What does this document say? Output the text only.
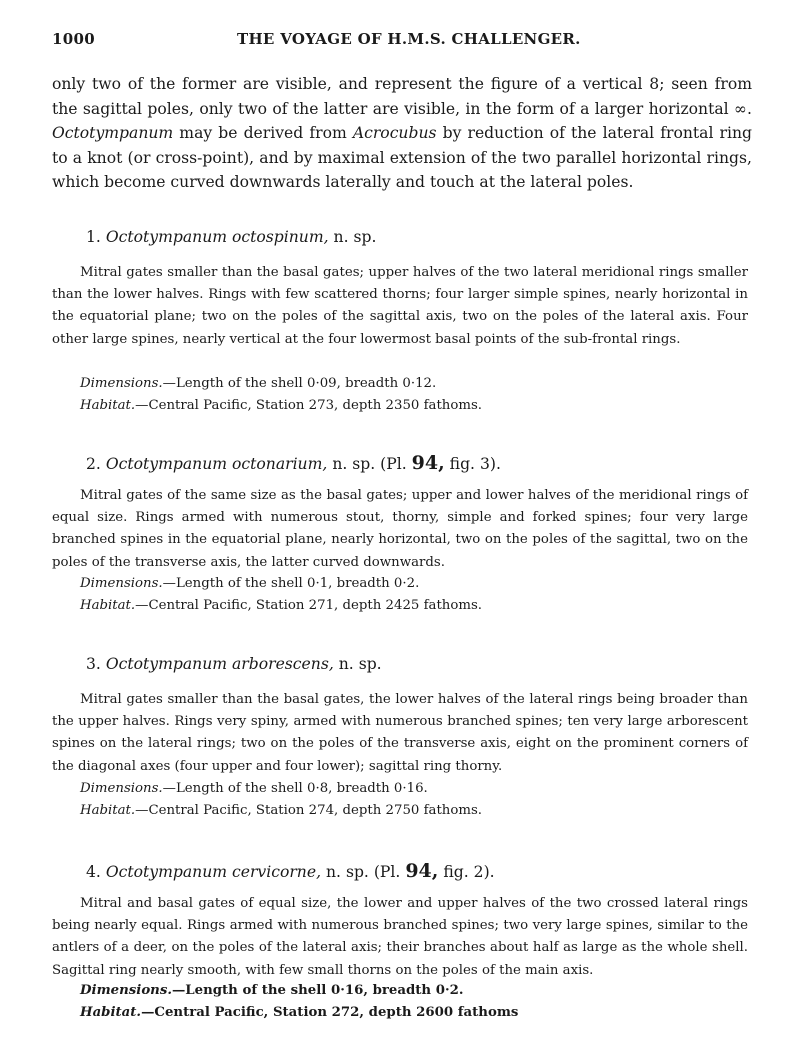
1000	THE VOYAGE OF H.M.S. CHALLENGER.
only two of the former are visible, and represent the figure of a vertical 8; seen from
the sagittal poles, only two of the latter are visible, in the form of a larger horizontal ∞.
Octotympanum may be derived from Acrocubus by reduction of the lateral frontal ring
to a knot (or cross-point), and by maximal extension of the two parallel horizontal rings,
which become curved downwards laterally and touch at the lateral poles.
1. Octotympanum octospinum, n. sp.
Mitral gates smaller than the basal gates; upper halves of the two lateral meridional rings smaller than the lower halves. Rings with few scattered thorns; four larger simple spines, nearly horizontal in the equatorial plane; two on the poles of the sagittal axis, two on the poles of the lateral axis. Four other large spines, nearly vertical at the four lowermost basal points of the sub-frontal rings.
Dimensions.—Length of the shell 0·09, breadth 0·12.
Habitat.—Central Pacific, Station 273, depth 2350 fathoms.
2. Octotympanum octonarium, n. sp. (Pl. 94, fig. 3).
Mitral gates of the same size as the basal gates; upper and lower halves of the meridional rings of equal size. Rings armed with numerous stout, thorny, simple and forked spines; four very large branched spines in the equatorial plane, nearly horizontal, two on the poles of the sagittal, two on the poles of the transverse axis, the latter curved downwards.
Dimensions.—Length of the shell 0·1, breadth 0·2.
Habitat.—Central Pacific, Station 271, depth 2425 fathoms.
3. Octotympanum arborescens, n. sp.
Mitral gates smaller than the basal gates, the lower halves of the lateral rings being broader than the upper halves. Rings very spiny, armed with numerous branched spines; ten very large arborescent spines on the lateral rings; two on the poles of the transverse axis, eight on the prominent corners of the diagonal axes (four upper and four lower); sagittal ring thorny.
Dimensions.—Length of the shell 0·8, breadth 0·16.
Habitat.—Central Pacific, Station 274, depth 2750 fathoms.
4. Octotympanum cervicorne, n. sp. (Pl. 94, fig. 2).
Mitral and basal gates of equal size, the lower and upper halves of the two crossed lateral rings being nearly equal. Rings armed with numerous branched spines; two very large spines, similar to the antlers of a deer, on the poles of the lateral axis; their branches about half as large as the whole shell. Sagittal ring nearly smooth, with few small thorns on the poles of the main axis.
Dimensions.—Length of the shell 0·16, breadth 0·2.
Habitat.—Central Pacific, Station 272, depth 2600 fathoms
